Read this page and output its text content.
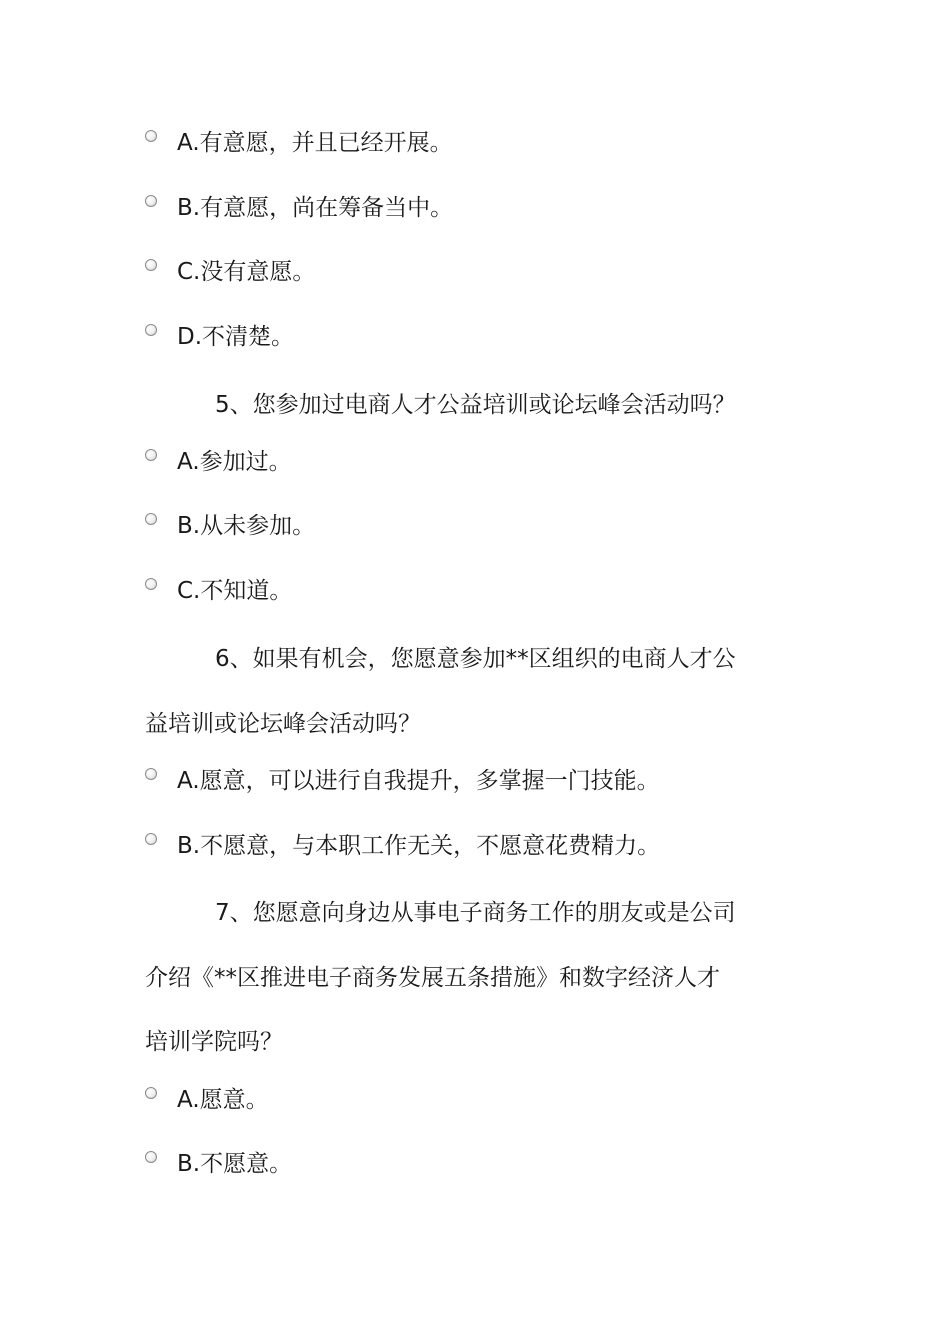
A.有意愿，并且已经开展。
B.有意愿，尚在筹备当中。
C.没有意愿。
D.不清楚。
5、您参加过电商人才公益培训或论坛峰会活动吗？
A.参加过。
B.从未参加。
C.不知道。
6、如果有机会，您愿意参加**区组织的电商人才公
益培训或论坛峰会活动吗？
A.愿意，可以进行自我提升，多掌握一门技能。
B.不愿意，与本职工作无关，不愿意花费精力。
7、您愿意向身边从事电子商务工作的朋友或是公司
介绍《**区推进电子商务发展五条措施》和数字经济人才
培训学院吗？
A.愿意。
B.不愿意。
